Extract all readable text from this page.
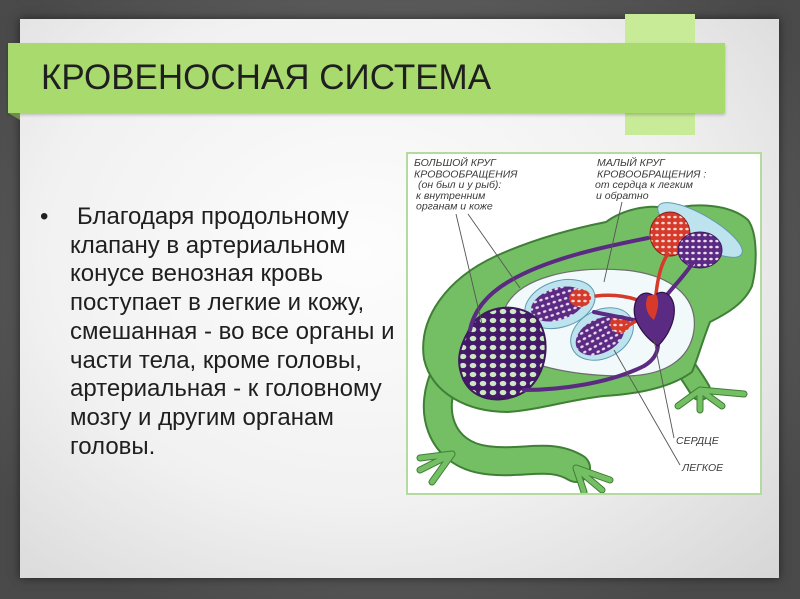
КРОВЕНОСНАЯ СИСТЕМА
• Благодаря продольному
клапану в артериальном
конусе венозная кровь
поступает в легкие и кожу,
смешанная - во все органы и
части тела, кроме головы,
артериальная - к головному
мозгу и другим органам
головы.
БОЛЬШОЙ КРУГ
КРОВООБРАЩЕНИЯ
(он был и у рыб):
к внутренним
органам и коже
МАЛЫЙ КРУГ
КРОВООБРАЩЕНИЯ :
от сердца к легким
и обратно
СЕРДЦЕ
ЛЕГКОЕ
